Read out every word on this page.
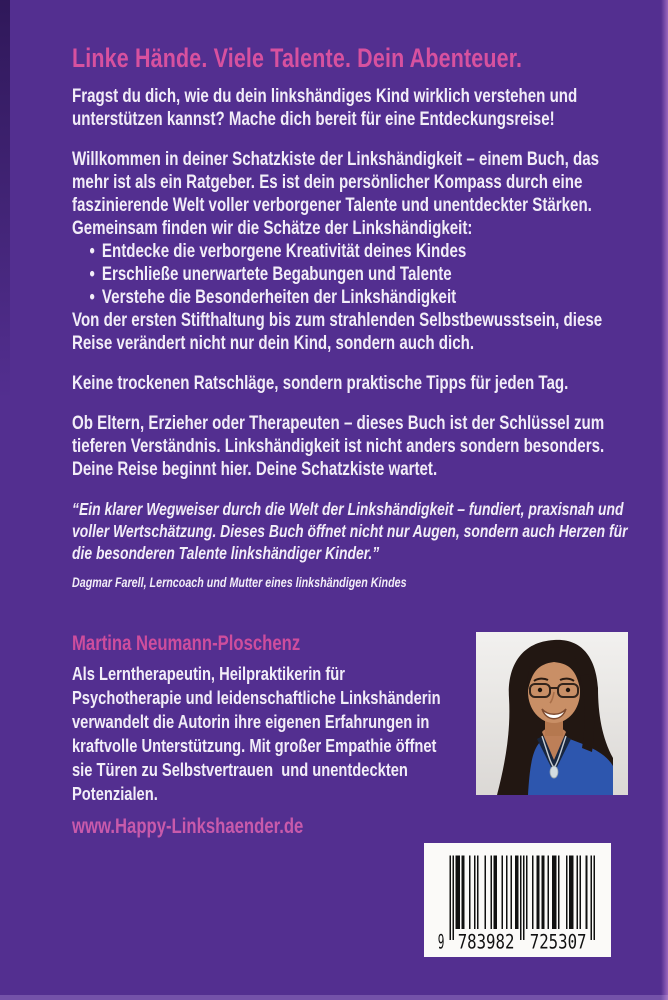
Linke Hände. Viele Talente. Dein Abenteuer.

Fragst du dich, wie du dein linkshändiges Kind wirklich verstehen und unterstützen kannst? Mache dich bereit für eine Entdeckungsreise!

Willkommen in deiner Schatzkiste der Linkshändigkeit – einem Buch, das mehr ist als ein Ratgeber. Es ist dein persönlicher Kompass durch eine faszinierende Welt voller verborgener Talente und unentdeckter Stärken.

Gemeinsam finden wir die Schätze der Linkshändigkeit:

• Entdecke die verborgene Kreativität deines Kindes
• Erschließe unerwartete Begabungen und Talente
• Verstehe die Besonderheiten der Linkshändigkeit

Von der ersten Stifthaltung bis zum strahlenden Selbstbewusstsein, diese Reise verändert nicht nur dein Kind, sondern auch dich.

Keine trockenen Ratschläge, sondern praktische Tipps für jeden Tag.

Ob Eltern, Erzieher oder Therapeuten – dieses Buch ist der Schlüssel zum tieferen Verständnis. Linkshändigkeit ist nicht anders sondern besonders. Deine Reise beginnt hier. Deine Schatzkiste wartet.

“Ein klarer Wegweiser durch die Welt der Linkshändigkeit – fundiert, praxisnah und voller Wertschätzung. Dieses Buch öffnet nicht nur Augen, sondern auch Herzen für die besonderen Talente linkshändiger Kinder.”

Dagmar Farell, Lerncoach und Mutter eines linkshändigen Kindes

Martina Neumann-Ploschenz

Als Lerntherapeutin, Heilpraktikerin für Psychotherapie und leidenschaftliche Linkshänderin verwandelt die Autorin ihre eigenen Erfahrungen in kraftvolle Unterstützung. Mit großer Empathie öffnet sie Türen zu Selbstvertrauen  und unentdeckten Potenzialen.

www.Happy-Linkshaender.de

9 783982 725307
